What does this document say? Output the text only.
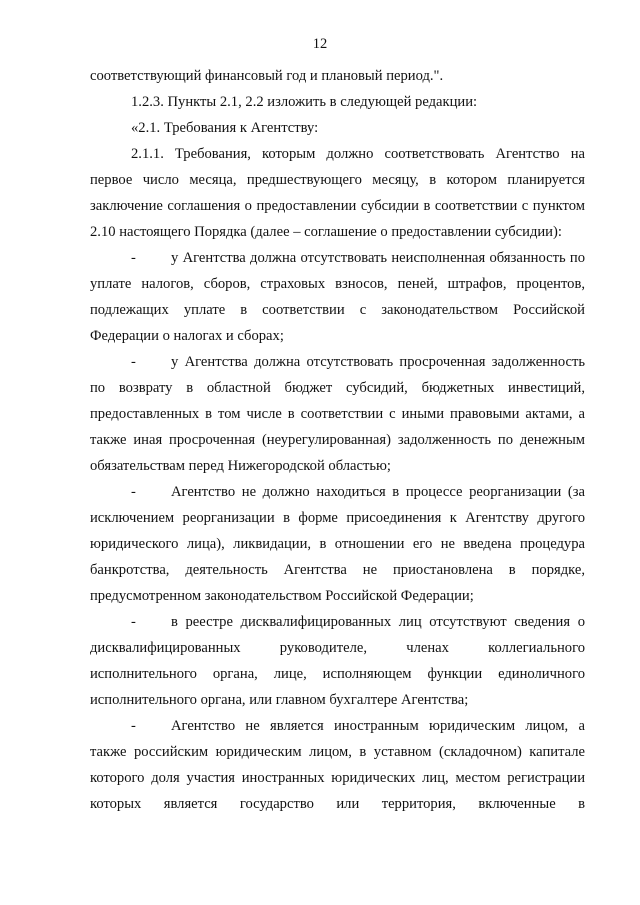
12

соответствующий финансовый год и плановый период.".

1.2.3. Пункты 2.1, 2.2 изложить в следующей редакции:

«2.1. Требования к Агентству:

2.1.1. Требования, которым должно соответствовать Агентство на первое число месяца, предшествующего месяцу, в котором планируется заключение соглашения о предоставлении субсидии в соответствии с пунктом 2.10 настоящего Порядка (далее – соглашение о предоставлении субсидии):

- у Агентства должна отсутствовать неисполненная обязанность по уплате налогов, сборов, страховых взносов, пеней, штрафов, процентов, подлежащих уплате в соответствии с законодательством Российской Федерации о налогах и сборах;

- у Агентства должна отсутствовать просроченная задолженность по возврату в областной бюджет субсидий, бюджетных инвестиций, предоставленных в том числе в соответствии с иными правовыми актами, а также иная просроченная (неурегулированная) задолженность по денежным обязательствам перед Нижегородской областью;

- Агентство не должно находиться в процессе реорганизации (за исключением реорганизации в форме присоединения к Агентству другого юридического лица), ликвидации, в отношении его не введена процедура банкротства, деятельность Агентства не приостановлена в порядке, предусмотренном законодательством Российской Федерации;

- в реестре дисквалифицированных лиц отсутствуют сведения о дисквалифицированных руководителе, членах коллегиального исполнительного органа, лице, исполняющем функции единоличного исполнительного органа, или главном бухгалтере Агентства;

- Агентство не является иностранным юридическим лицом, а также российским юридическим лицом, в уставном (складочном) капитале которого доля участия иностранных юридических лиц, местом регистрации которых является государство или территория, включенные в
